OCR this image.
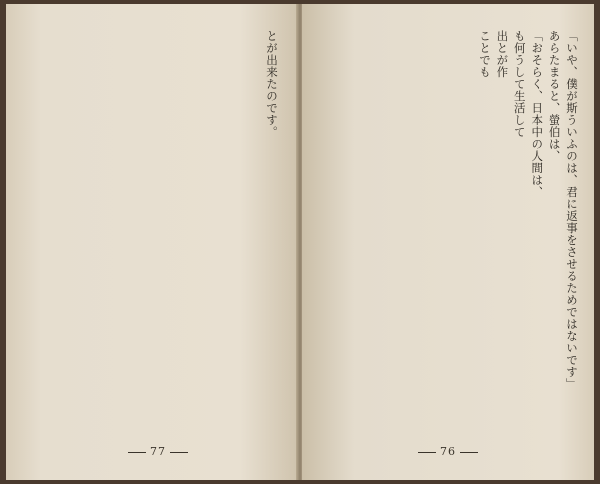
とが出来たのです。
77
「いや、僕が斯ういふのは、君に返事をさせるためではないです」
あらたまると、螢伯は、
「おそらく、日本中の人間は、
も何うして生活して
出とが作
ことでも
76
